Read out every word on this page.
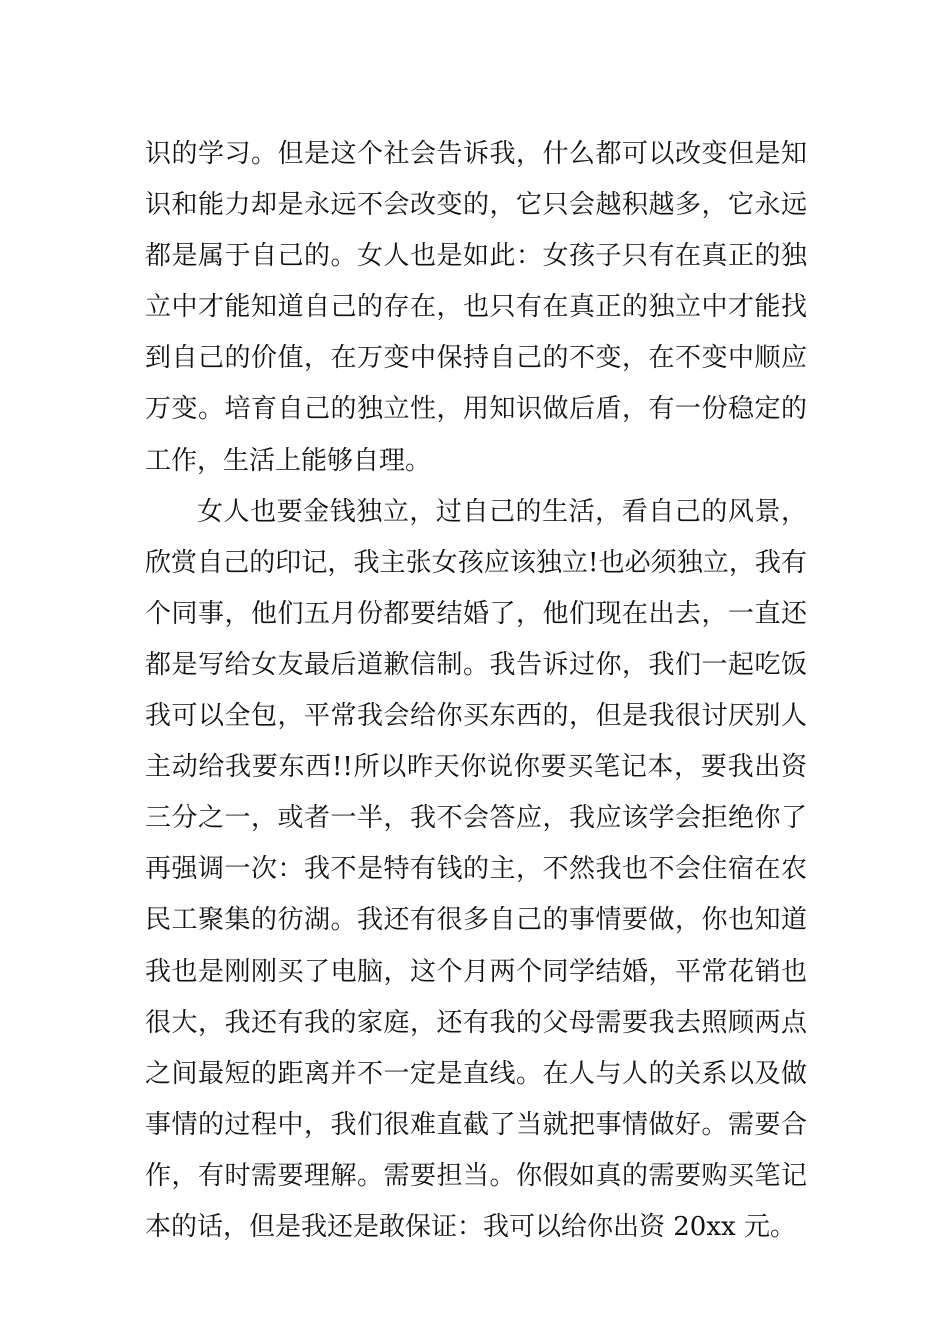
识的学习。但是这个社会告诉我，什么都可以改变但是知
识和能力却是永远不会改变的，它只会越积越多，它永远
都是属于自己的。女人也是如此：女孩子只有在真正的独
立中才能知道自己的存在，也只有在真正的独立中才能找
到自己的价值，在万变中保持自己的不变，在不变中顺应
万变。培育自己的独立性，用知识做后盾，有一份稳定的
工作，生活上能够自理。
女人也要金钱独立，过自己的生活，看自己的风景，
欣赏自己的印记，我主张女孩应该独立!也必须独立，我有
个同事，他们五月份都要结婚了，他们现在出去，一直还
都是写给女友最后道歉信制。我告诉过你，我们一起吃饭
我可以全包，平常我会给你买东西的，但是我很讨厌别人
主动给我要东西!!所以昨天你说你要买笔记本，要我出资
三分之一，或者一半，我不会答应，我应该学会拒绝你了
再强调一次：我不是特有钱的主，不然我也不会住宿在农
民工聚集的彷湖。我还有很多自己的事情要做，你也知道
我也是刚刚买了电脑，这个月两个同学结婚，平常花销也
很大，我还有我的家庭，还有我的父母需要我去照顾两点
之间最短的距离并不一定是直线。在人与人的关系以及做
事情的过程中，我们很难直截了当就把事情做好。需要合
作，有时需要理解。需要担当。你假如真的需要购买笔记
本的话，但是我还是敢保证：我可以给你出资 20xx 元。
